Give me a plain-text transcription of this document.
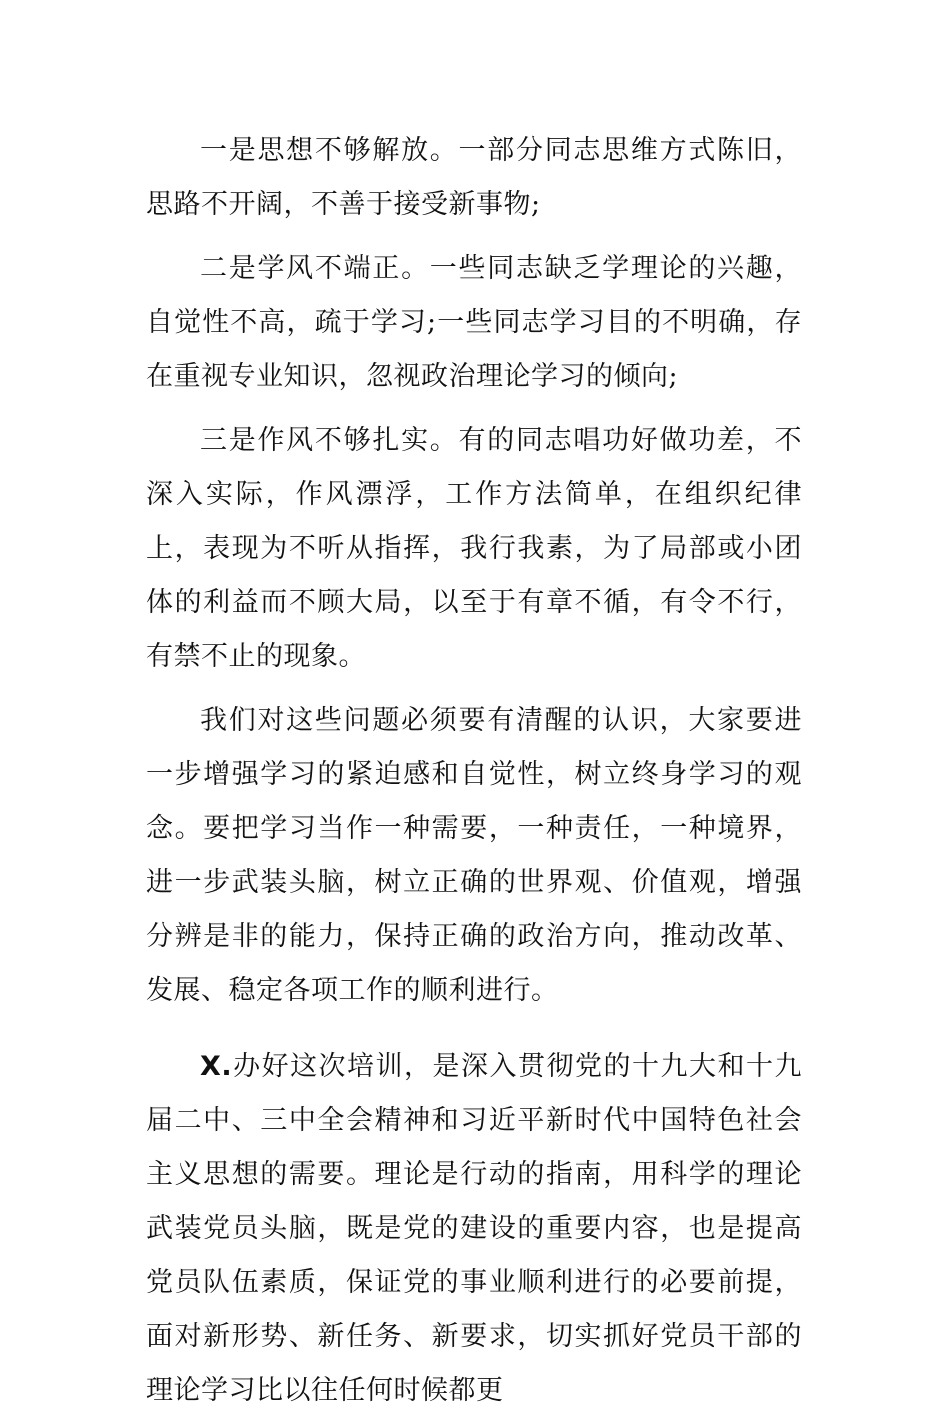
一是思想不够解放。一部分同志思维方式陈旧，思路不开阔，不善于接受新事物;

二是学风不端正。一些同志缺乏学理论的兴趣，自觉性不高，疏于学习;一些同志学习目的不明确，存在重视专业知识，忽视政治理论学习的倾向;

三是作风不够扎实。有的同志唱功好做功差，不深入实际，作风漂浮，工作方法简单，在组织纪律上，表现为不听从指挥，我行我素，为了局部或小团体的利益而不顾大局，以至于有章不循，有令不行，有禁不止的现象。

我们对这些问题必须要有清醒的认识，大家要进一步增强学习的紧迫感和自觉性，树立终身学习的观念。要把学习当作一种需要，一种责任，一种境界，进一步武装头脑，树立正确的世界观、价值观，增强分辨是非的能力，保持正确的政治方向，推动改革、发展、稳定各项工作的顺利进行。

X.办好这次培训，是深入贯彻党的十九大和十九届二中、三中全会精神和习近平新时代中国特色社会主义思想的需要。理论是行动的指南，用科学的理论武装党员头脑，既是党的建设的重要内容，也是提高党员队伍素质，保证党的事业顺利进行的必要前提，面对新形势、新任务、新要求，切实抓好党员干部的理论学习比以往任何时候都更
